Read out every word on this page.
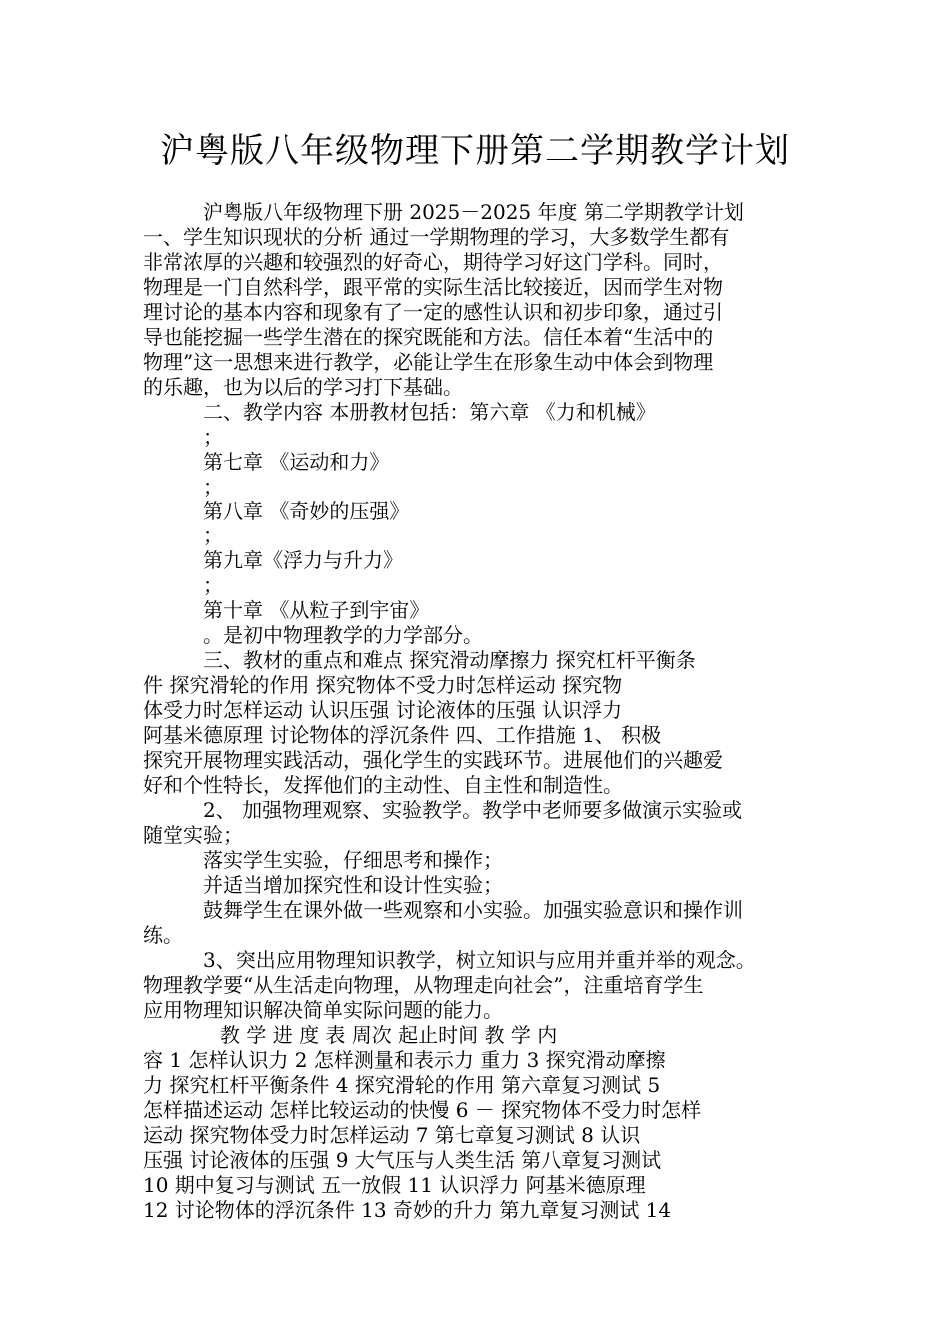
沪粤版八年级物理下册第二学期教学计划
沪粤版八年级物理下册 2025－2025 年度 第二学期教学计划
一、学生知识现状的分析 通过一学期物理的学习，大多数学生都有
非常浓厚的兴趣和较强烈的好奇心，期待学习好这门学科。同时，
物理是一门自然科学，跟平常的实际生活比较接近，因而学生对物
理讨论的基本内容和现象有了一定的感性认识和初步印象，通过引
导也能挖掘一些学生潜在的探究既能和方法。信任本着“生活中的
物理”这一思想来进行教学，必能让学生在形象生动中体会到物理
的乐趣，也为以后的学习打下基础。
二、教学内容 本册教材包括：第六章 《力和机械》
；
第七章 《运动和力》
；
第八章 《奇妙的压强》
；
第九章《浮力与升力》
；
第十章 《从粒子到宇宙》
。是初中物理教学的力学部分。
三、教材的重点和难点 探究滑动摩擦力 探究杠杆平衡条
件 探究滑轮的作用 探究物体不受力时怎样运动 探究物
体受力时怎样运动 认识压强 讨论液体的压强 认识浮力
阿基米德原理 讨论物体的浮沉条件 四、工作措施 1、 积极
探究开展物理实践活动，强化学生的实践环节。进展他们的兴趣爱
好和个性特长，发挥他们的主动性、自主性和制造性。
2、 加强物理观察、实验教学。教学中老师要多做演示实验或
随堂实验；
落实学生实验，仔细思考和操作；
并适当增加探究性和设计性实验；
鼓舞学生在课外做一些观察和小实验。加强实验意识和操作训
练。
3、突出应用物理知识教学，树立知识与应用并重并举的观念。
物理教学要“从生活走向物理，从物理走向社会”，注重培育学生
应用物理知识解决简单实际问题的能力。
教 学 进 度 表 周次 起止时间 教 学 内
容 1 怎样认识力 2 怎样测量和表示力 重力 3 探究滑动摩擦
力 探究杠杆平衡条件 4 探究滑轮的作用 第六章复习测试 5
怎样描述运动 怎样比较运动的快慢 6 － 探究物体不受力时怎样
运动 探究物体受力时怎样运动 7 第七章复习测试 8 认识
压强 讨论液体的压强 9 大气压与人类生活 第八章复习测试
10 期中复习与测试 五一放假 11 认识浮力 阿基米德原理
12 讨论物体的浮沉条件 13 奇妙的升力 第九章复习测试 14
